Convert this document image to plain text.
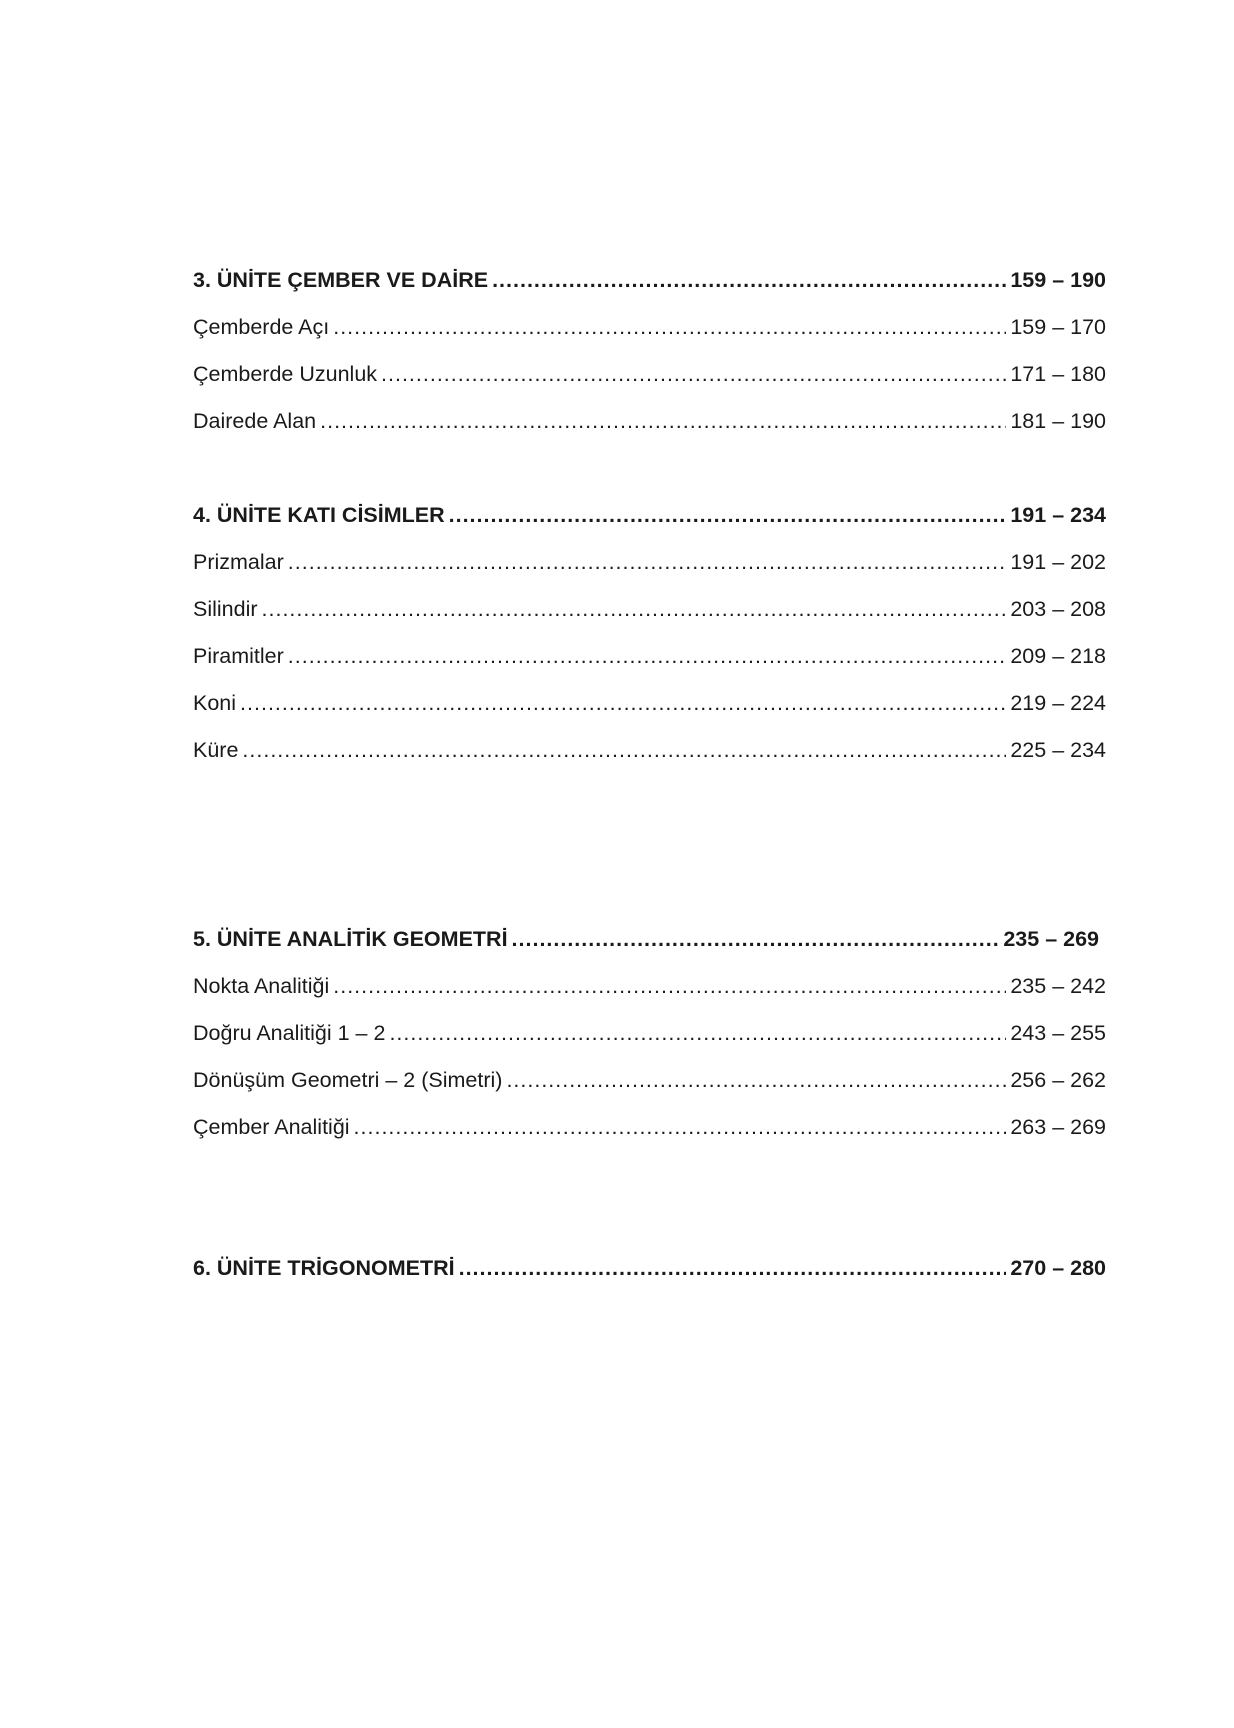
3. ÜNİTE ÇEMBER VE DAİRE .....	159 – 190
Çemberde Açı .....	159 – 170
Çemberde Uzunluk .....	171 – 180
Dairede Alan .....	181 – 190
4. ÜNİTE KATI CİSİMLER .....	191 – 234
Prizmalar .....	191 – 202
Silindir .....	203 – 208
Piramitler .....	209 – 218
Koni .....	219 – 224
Küre .....	225 – 234
5. ÜNİTE ANALİTİK GEOMETRİ .....	235 – 269
Nokta Analitiği .....	235 – 242
Doğru Analitiği 1 – 2 .....	243 – 255
Dönüşüm Geometri – 2 (Simetri) .....	256 – 262
Çember Analitiği .....	263 – 269
6. ÜNİTE TRİGONOMETRİ .....	270 – 280
